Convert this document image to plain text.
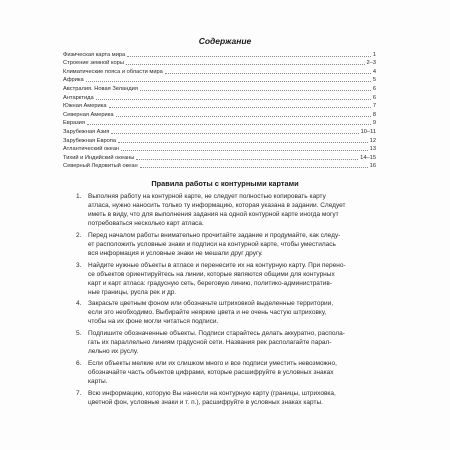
Содержание
Физическая карта мира	1
Строение земной коры	2–3
Климатические пояса и области мира	4
Африка	5
Австралия. Новая Зеландия	6
Антарктида	6
Южная Америка	7
Северная Америка	8
Евразия	9
Зарубежная Азия	10–11
Зарубежная Европа	12
Атлантический океан	13
Тихий и Индийский океаны	14–15
Северный Ледовитый океан	16
Правила работы с контурными картами
1.	Выполняя работу на контурной карте, не следует полностью копировать карту
атласа, нужно наносить только ту информацию, которая указана в задании. Следует
иметь в виду, что для выполнения задания на одной контурной карте иногда могут
потребоваться несколько карт атласа.
2.	Перед началом работы внимательно прочитайте задание и продумайте, как следу-
ет расположить условные знаки и подписи на контурной карте, чтобы уместилась
вся информация и условные знаки не мешали друг другу.
3.	Найдите нужные объекты в атласе и перенесите их на контурную карту. При перено-
се объектов ориентируйтесь на линии, которые являются общими для контурных
карт и карт атласа: градусную сеть, береговую линию, политико-административ-
ные границы, русла рек и др.
4.	Закрасьте цветным фоном или обозначьте штриховкой выделенные территории,
если это необходимо. Выбирайте неяркие цвета и не очень частую штриховку,
чтобы на их фоне могли читаться подписи.
5.	Подпишите обозначенные объекты. Подписи старайтесь делать аккуратно, распола-
гать их параллельно линиям градусной сети. Названия рек располагайте парал-
лельно их руслу.
6.	Если объекты мелкие или их слишком много и все подписи уместить невозможно,
обозначайте часть объектов цифрами, которые расшифруйте в условных знаках
карты.
7.	Всю информацию, которую Вы нанесли на контурную карту (границы, штриховка,
цветной фон, условные знаки и т. п.), расшифруйте в условных знаках карты.
